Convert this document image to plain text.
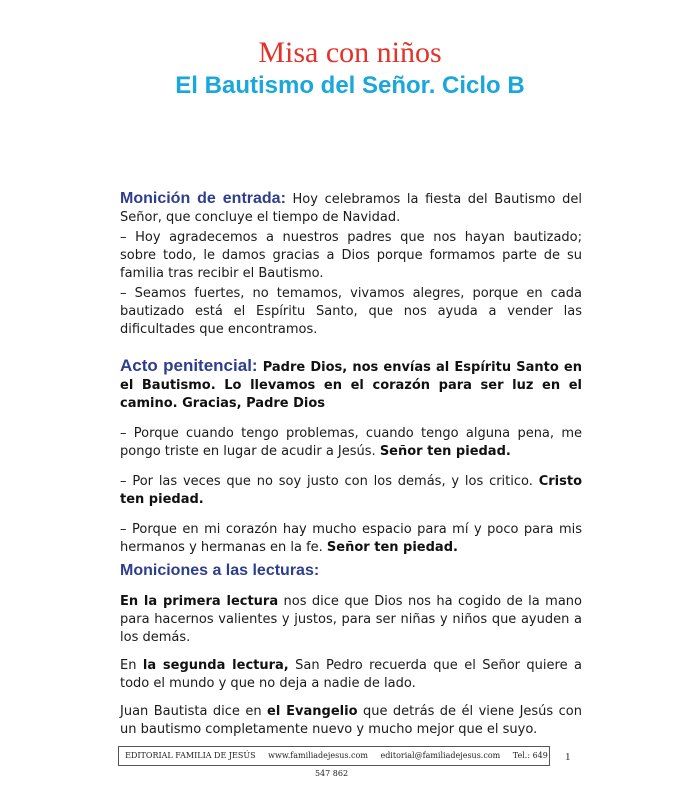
Misa con niños
El Bautismo del Señor. Ciclo B

Monición de entrada: Hoy celebramos la fiesta del Bautismo del Señor, que concluye el tiempo de Navidad.

– Hoy agradecemos a nuestros padres que nos hayan bautizado; sobre todo, le damos gracias a Dios porque formamos parte de su familia tras recibir el Bautismo.

– Seamos fuertes, no temamos, vivamos alegres, porque en cada bautizado está el Espíritu Santo, que nos ayuda a vender las dificultades que encontramos.

Acto penitencial: Padre Dios, nos envías al Espíritu Santo en el Bautismo. Lo llevamos en el corazón para ser luz en el camino. Gracias, Padre Dios

– Porque cuando tengo problemas, cuando tengo alguna pena, me pongo triste en lugar de acudir a Jesús. Señor ten piedad.

– Por las veces que no soy justo con los demás, y los critico. Cristo ten piedad.

– Porque en mi corazón hay mucho espacio para mí y poco para mis hermanos y hermanas en la fe. Señor ten piedad.

Moniciones a las lecturas:

En la primera lectura nos dice que Dios nos ha cogido de la mano para hacernos valientes y justos, para ser niñas y niños que ayuden a los demás.

En la segunda lectura, San Pedro recuerda que el Señor quiere a todo el mundo y que no deja a nadie de lado.

Juan Bautista dice en el Evangelio que detrás de él viene Jesús con un bautismo completamente nuevo y mucho mejor que el suyo.

EDITORIAL FAMILIA DE JESÚS www.familiadejesus.com editorial@familiadejesus.com Tel.: 649 547 862
1
